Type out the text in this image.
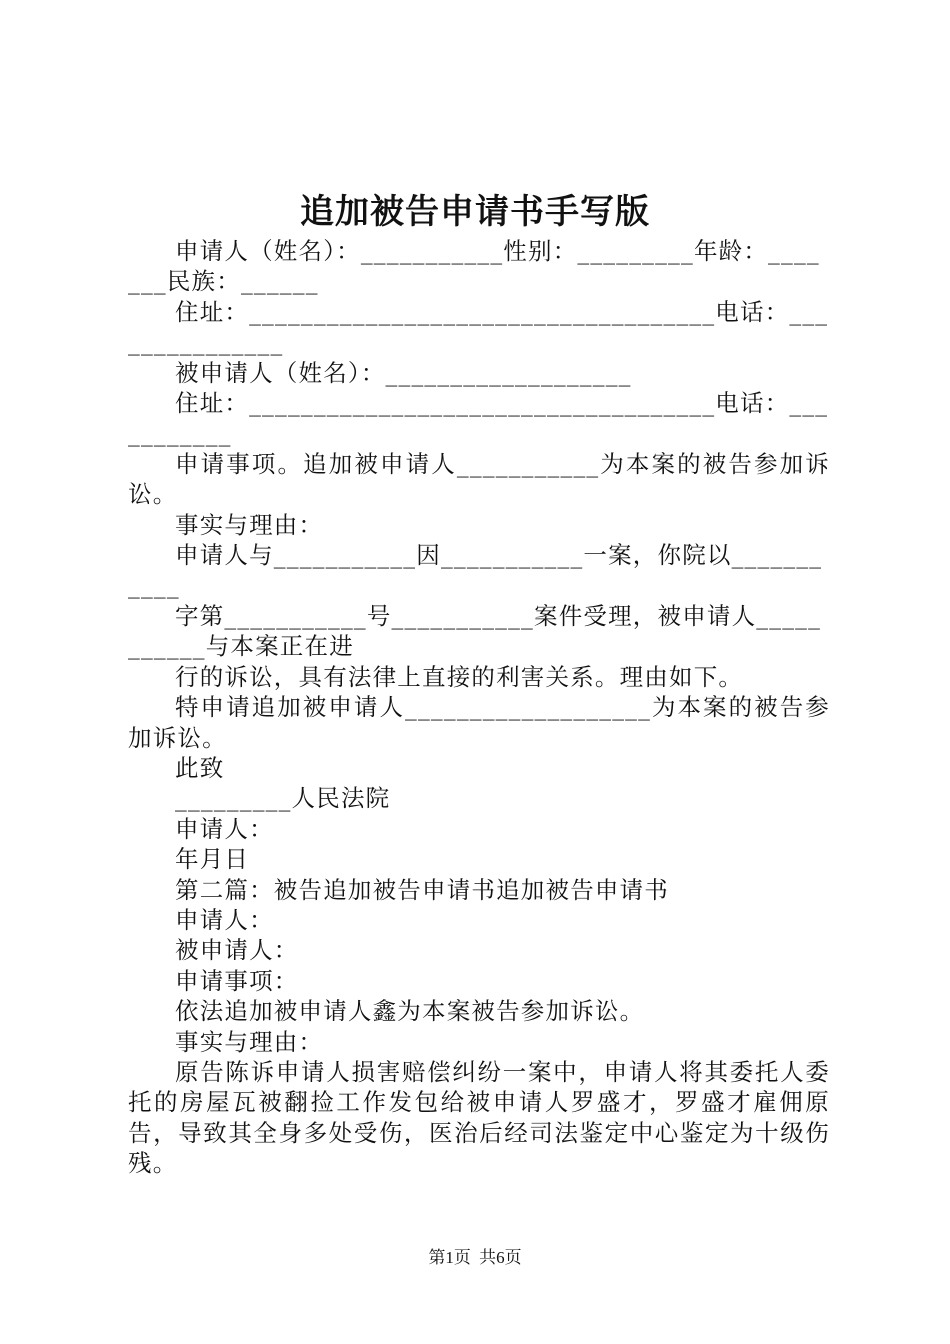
追加被告申请书手写版

申请人（姓名）：___________性别：_________年龄：_______民族：______

住址：____________________________________电话：_______________

被申请人（姓名）：___________________

住址：____________________________________电话：___________

申请事项。追加被申请人___________为本案的被告参加诉讼。

事实与理由：

申请人与___________因___________一案，你院以___________

字第___________号___________案件受理，被申请人___________与本案正在进

行的诉讼，具有法律上直接的利害关系。理由如下。

特申请追加被申请人___________________为本案的被告参加诉讼。

此致

_________人民法院

申请人：

年月日

第二篇：被告追加被告申请书追加被告申请书

申请人：

被申请人：

申请事项：

依法追加被申请人鑫为本案被告参加诉讼。

事实与理由：

原告陈诉申请人损害赔偿纠纷一案中，申请人将其委托人委托的房屋瓦被翻捡工作发包给被申请人罗盛才，罗盛才雇佣原告，导致其全身多处受伤，医治后经司法鉴定中心鉴定为十级伤残。

第1页 共6页
